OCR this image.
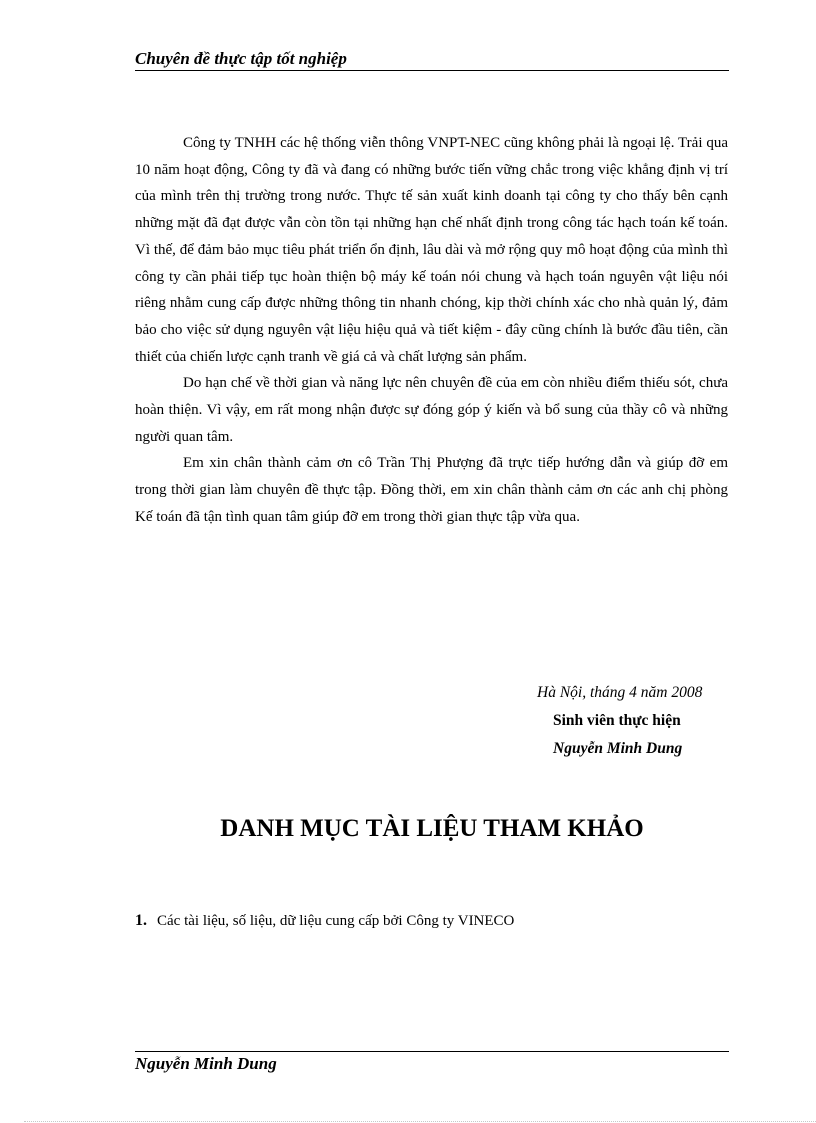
Chuyên đề thực tập tốt nghiệp

Công ty TNHH các hệ thống viễn thông VNPT-NEC cũng không phải là ngoại lệ. Trải qua 10 năm hoạt động, Công ty đã và đang có những bước tiến vững chắc trong việc khẳng định vị trí của mình trên thị trường trong nước. Thực tế sản xuất kinh doanh tại công ty cho thấy bên cạnh những mặt đã đạt được vẫn còn tồn tại những hạn chế nhất định trong công tác hạch toán kế toán. Vì thế, để đảm bảo mục tiêu phát triển ổn định, lâu dài và mở rộng quy mô hoạt động của mình thì công ty cần phải tiếp tục hoàn thiện bộ máy kế toán nói chung và hạch toán nguyên vật liệu nói riêng nhằm cung cấp được những thông tin nhanh chóng, kịp thời chính xác cho nhà quản lý, đảm bảo cho việc sử dụng nguyên vật liệu hiệu quả và tiết kiệm - đây cũng chính là bước đầu tiên, cần thiết của chiến lược cạnh tranh về giá cả và chất lượng sản phẩm.

Do hạn chế về thời gian và năng lực nên chuyên đề của em còn nhiều điểm thiếu sót, chưa hoàn thiện. Vì vậy, em rất mong nhận được sự đóng góp ý kiến và bổ sung của thầy cô và những người quan tâm.

Em xin chân thành cảm ơn cô Trần Thị Phượng đã trực tiếp hướng dẫn và giúp đỡ em trong thời gian làm chuyên đề thực tập. Đồng thời, em xin chân thành cảm ơn các anh chị phòng Kế toán đã tận tình quan tâm giúp đỡ em trong thời gian thực tập vừa qua.

Hà Nội, tháng 4 năm 2008
Sinh viên thực hiện
Nguyễn Minh Dung
DANH MỤC TÀI LIỆU THAM KHẢO
1. Các tài liệu, số liệu, dữ liệu cung cấp bởi Công ty VINECO
Nguyễn Minh Dung
